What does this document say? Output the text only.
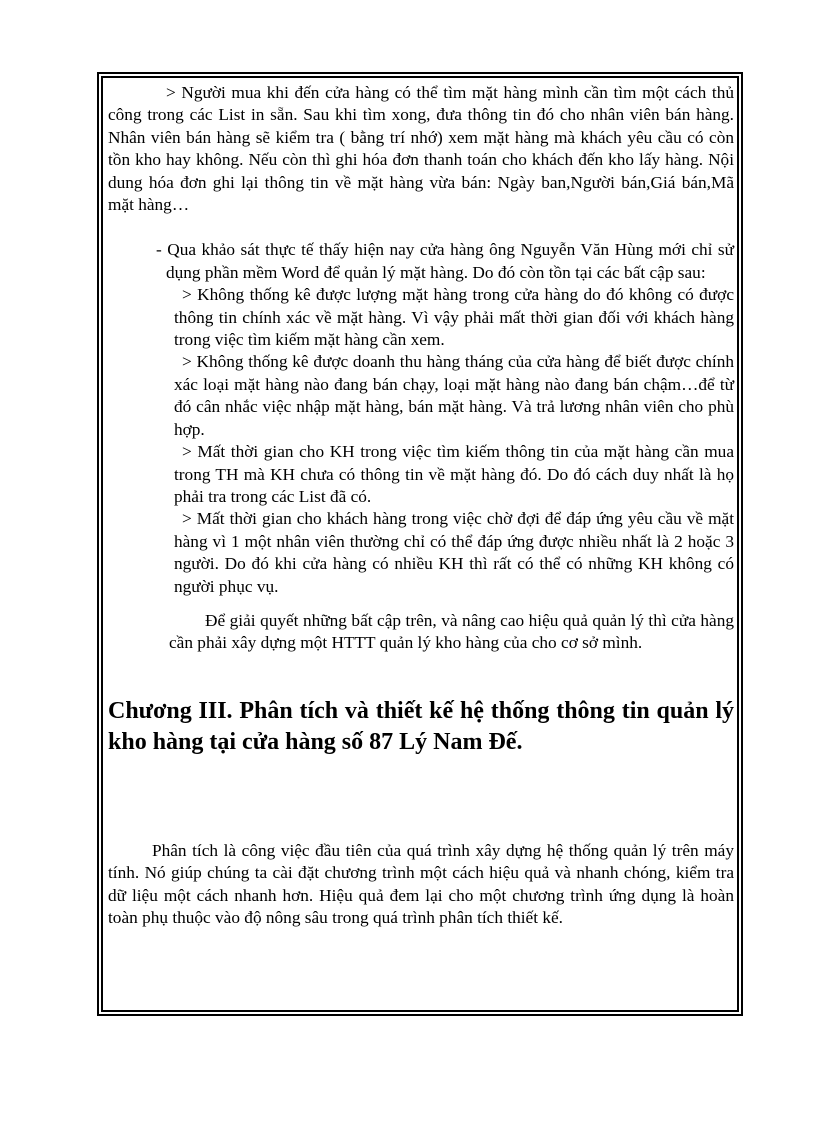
> Người mua khi đến cửa hàng có thể tìm mặt hàng mình cần tìm một cách thủ công trong các List in sẵn. Sau khi tìm xong, đưa thông tin đó cho nhân viên bán hàng. Nhân viên bán hàng sẽ kiểm tra ( bằng trí nhớ) xem mặt hàng mà khách yêu cầu có còn tồn kho hay không. Nếu còn thì ghi hóa đơn thanh toán cho khách đến kho lấy hàng. Nội dung hóa đơn ghi lại thông tin về mặt hàng vừa bán: Ngày ban,Người bán,Giá bán,Mã mặt hàng…

- Qua khảo sát thực tế thấy hiện nay cửa hàng ông Nguyễn Văn Hùng mới chỉ sử dụng phần mềm Word để quản lý mặt hàng. Do đó còn tồn tại các bất cập sau:

> Không thống kê được lượng mặt hàng trong cửa hàng do đó không có được thông tin chính xác về mặt hàng. Vì vậy phải mất thời gian đối với khách hàng trong việc tìm kiếm mặt hàng cần xem.

> Không thống kê được doanh thu hàng tháng của cửa hàng để biết được chính xác loại mặt hàng nào đang bán chạy, loại mặt hàng nào đang bán chậm…để từ đó cân nhắc việc nhập mặt hàng, bán mặt hàng. Và trả lương nhân viên cho phù hợp.

> Mất thời gian cho KH trong việc tìm kiếm thông tin của mặt hàng cần mua trong TH mà KH chưa có thông tin về mặt hàng đó. Do đó cách duy nhất là họ phải tra trong các List đã có.

> Mất thời gian cho khách hàng trong việc chờ đợi để đáp ứng yêu cầu về mặt hàng vì 1 một nhân viên thường chỉ có thể đáp ứng được nhiều nhất là 2 hoặc 3 người. Do đó khi cửa hàng có nhiều KH thì rất có thể có những KH không có người phục vụ.

Để giải quyết những bất cập trên, và nâng cao hiệu quả quản lý thì cửa hàng cần phải xây dựng một HTTT quản lý kho hàng của cho cơ sở mình.

Chương III. Phân tích và thiết kế hệ thống thông tin quản lý kho hàng tại cửa hàng số 87 Lý Nam Đế.

Phân tích là công việc đầu tiên của quá trình xây dựng hệ thống quản lý trên máy tính. Nó giúp chúng ta cài đặt chương trình một cách hiệu quả và nhanh chóng, kiểm tra dữ liệu một cách nhanh hơn. Hiệu quả đem lại cho một chương trình ứng dụng là hoàn toàn phụ thuộc vào độ nông sâu trong quá trình phân tích thiết kế.
